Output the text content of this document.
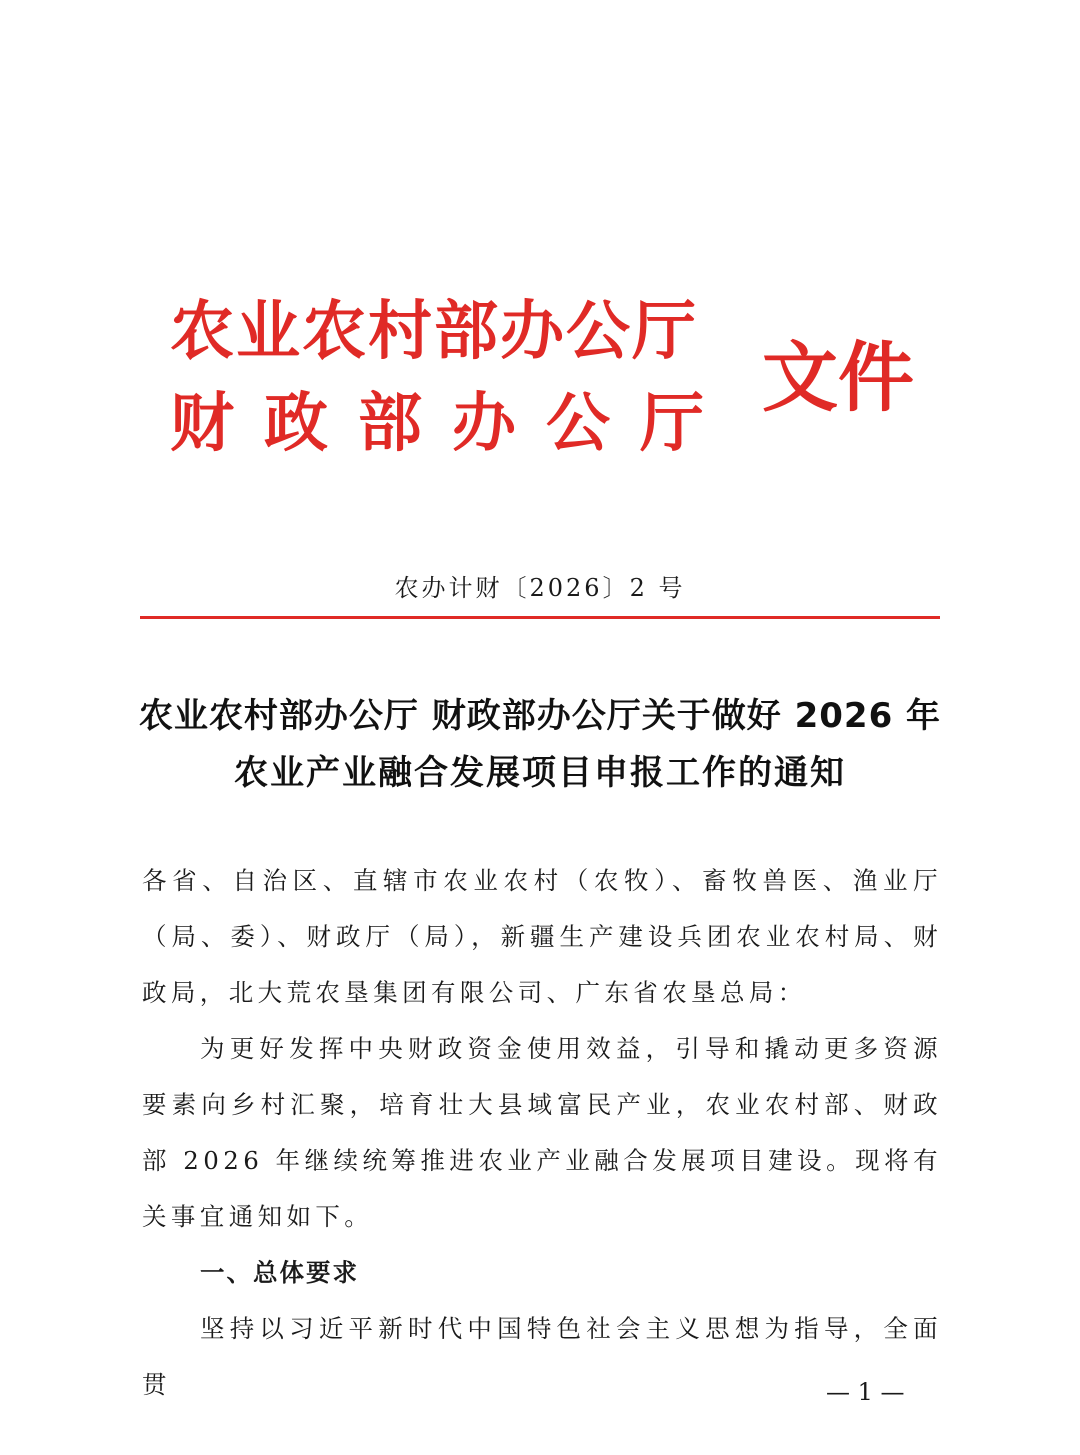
农业农村部办公厅
财政部办公厅
文件
农办计财〔2026〕2 号
农业农村部办公厅 财政部办公厅关于做好 2026 年
农业产业融合发展项目申报工作的通知

各省、自治区、直辖市农业农村（农牧）、畜牧兽医、渔业厅（局、委）、财政厅（局），新疆生产建设兵团农业农村局、财政局，北大荒农垦集团有限公司、广东省农垦总局：

为更好发挥中央财政资金使用效益，引导和撬动更多资源要素向乡村汇聚，培育壮大县域富民产业，农业农村部、财政部 2026 年继续统筹推进农业产业融合发展项目建设。现将有关事宜通知如下。

一、总体要求

坚持以习近平新时代中国特色社会主义思想为指导，全面贯	— 1 —
